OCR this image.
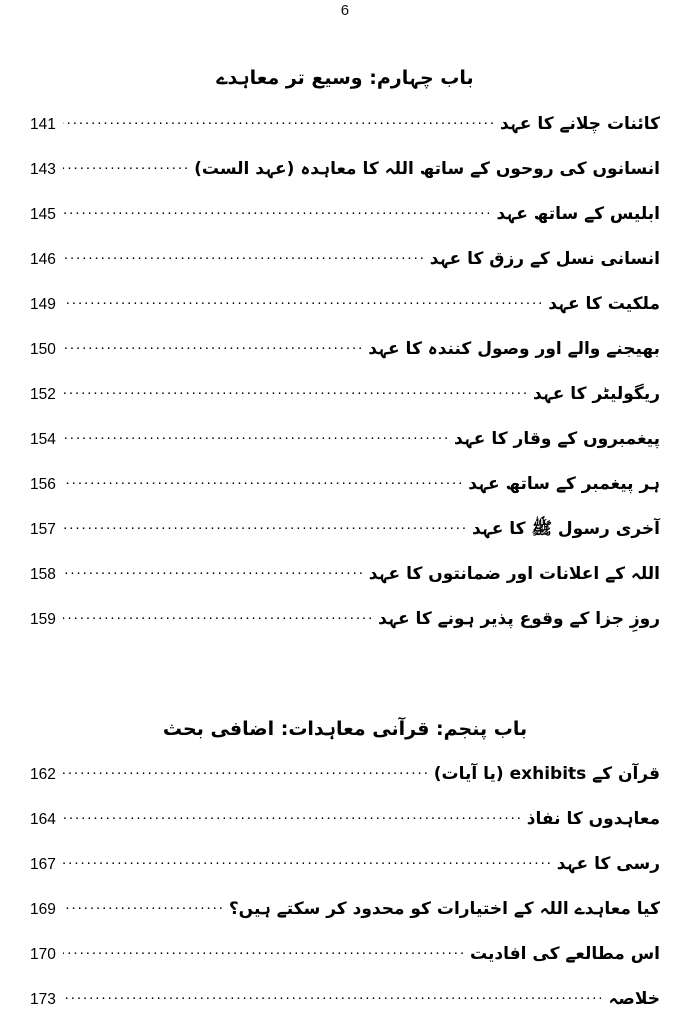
6
باب چہارم: وسیع تر معاہدے
کائنات چلانے کا عہد
. . .
141
انسانوں کی روحوں کے ساتھ اللہ کا معاہدہ (عہد الست)
. . .
143
ابلیس کے ساتھ عہد
. . .
145
انسانی نسل کے رزق کا عہد
. . .
146
ملکیت کا عہد
. . .
149
بھیجنے والے اور وصول کنندہ کا عہد
. . .
150
ریگولیٹر کا عہد
. . .
152
پیغمبروں کے وقار کا عہد
. . .
154
ہر پیغمبر کے ساتھ عہد
. . .
156
آخری رسول ﷺ کا عہد
. . .
157
اللہ کے اعلانات اور ضمانتوں کا عہد
. . .
158
روزِ جزا کے وقوع پذیر ہونے کا عہد
. . .
159
باب پنجم: قرآنی معاہدات: اضافی بحث
قرآن کے exhibits (یا آیات)
. . .
162
معاہدوں کا نفاذ
. . .
164
رسی کا عہد
. . .
167
کیا معاہدے اللہ کے اختیارات کو محدود کر سکتے ہیں؟
. . .
169
اس مطالعے کی افادیت
. . .
170
خلاصہ
. . .
173
